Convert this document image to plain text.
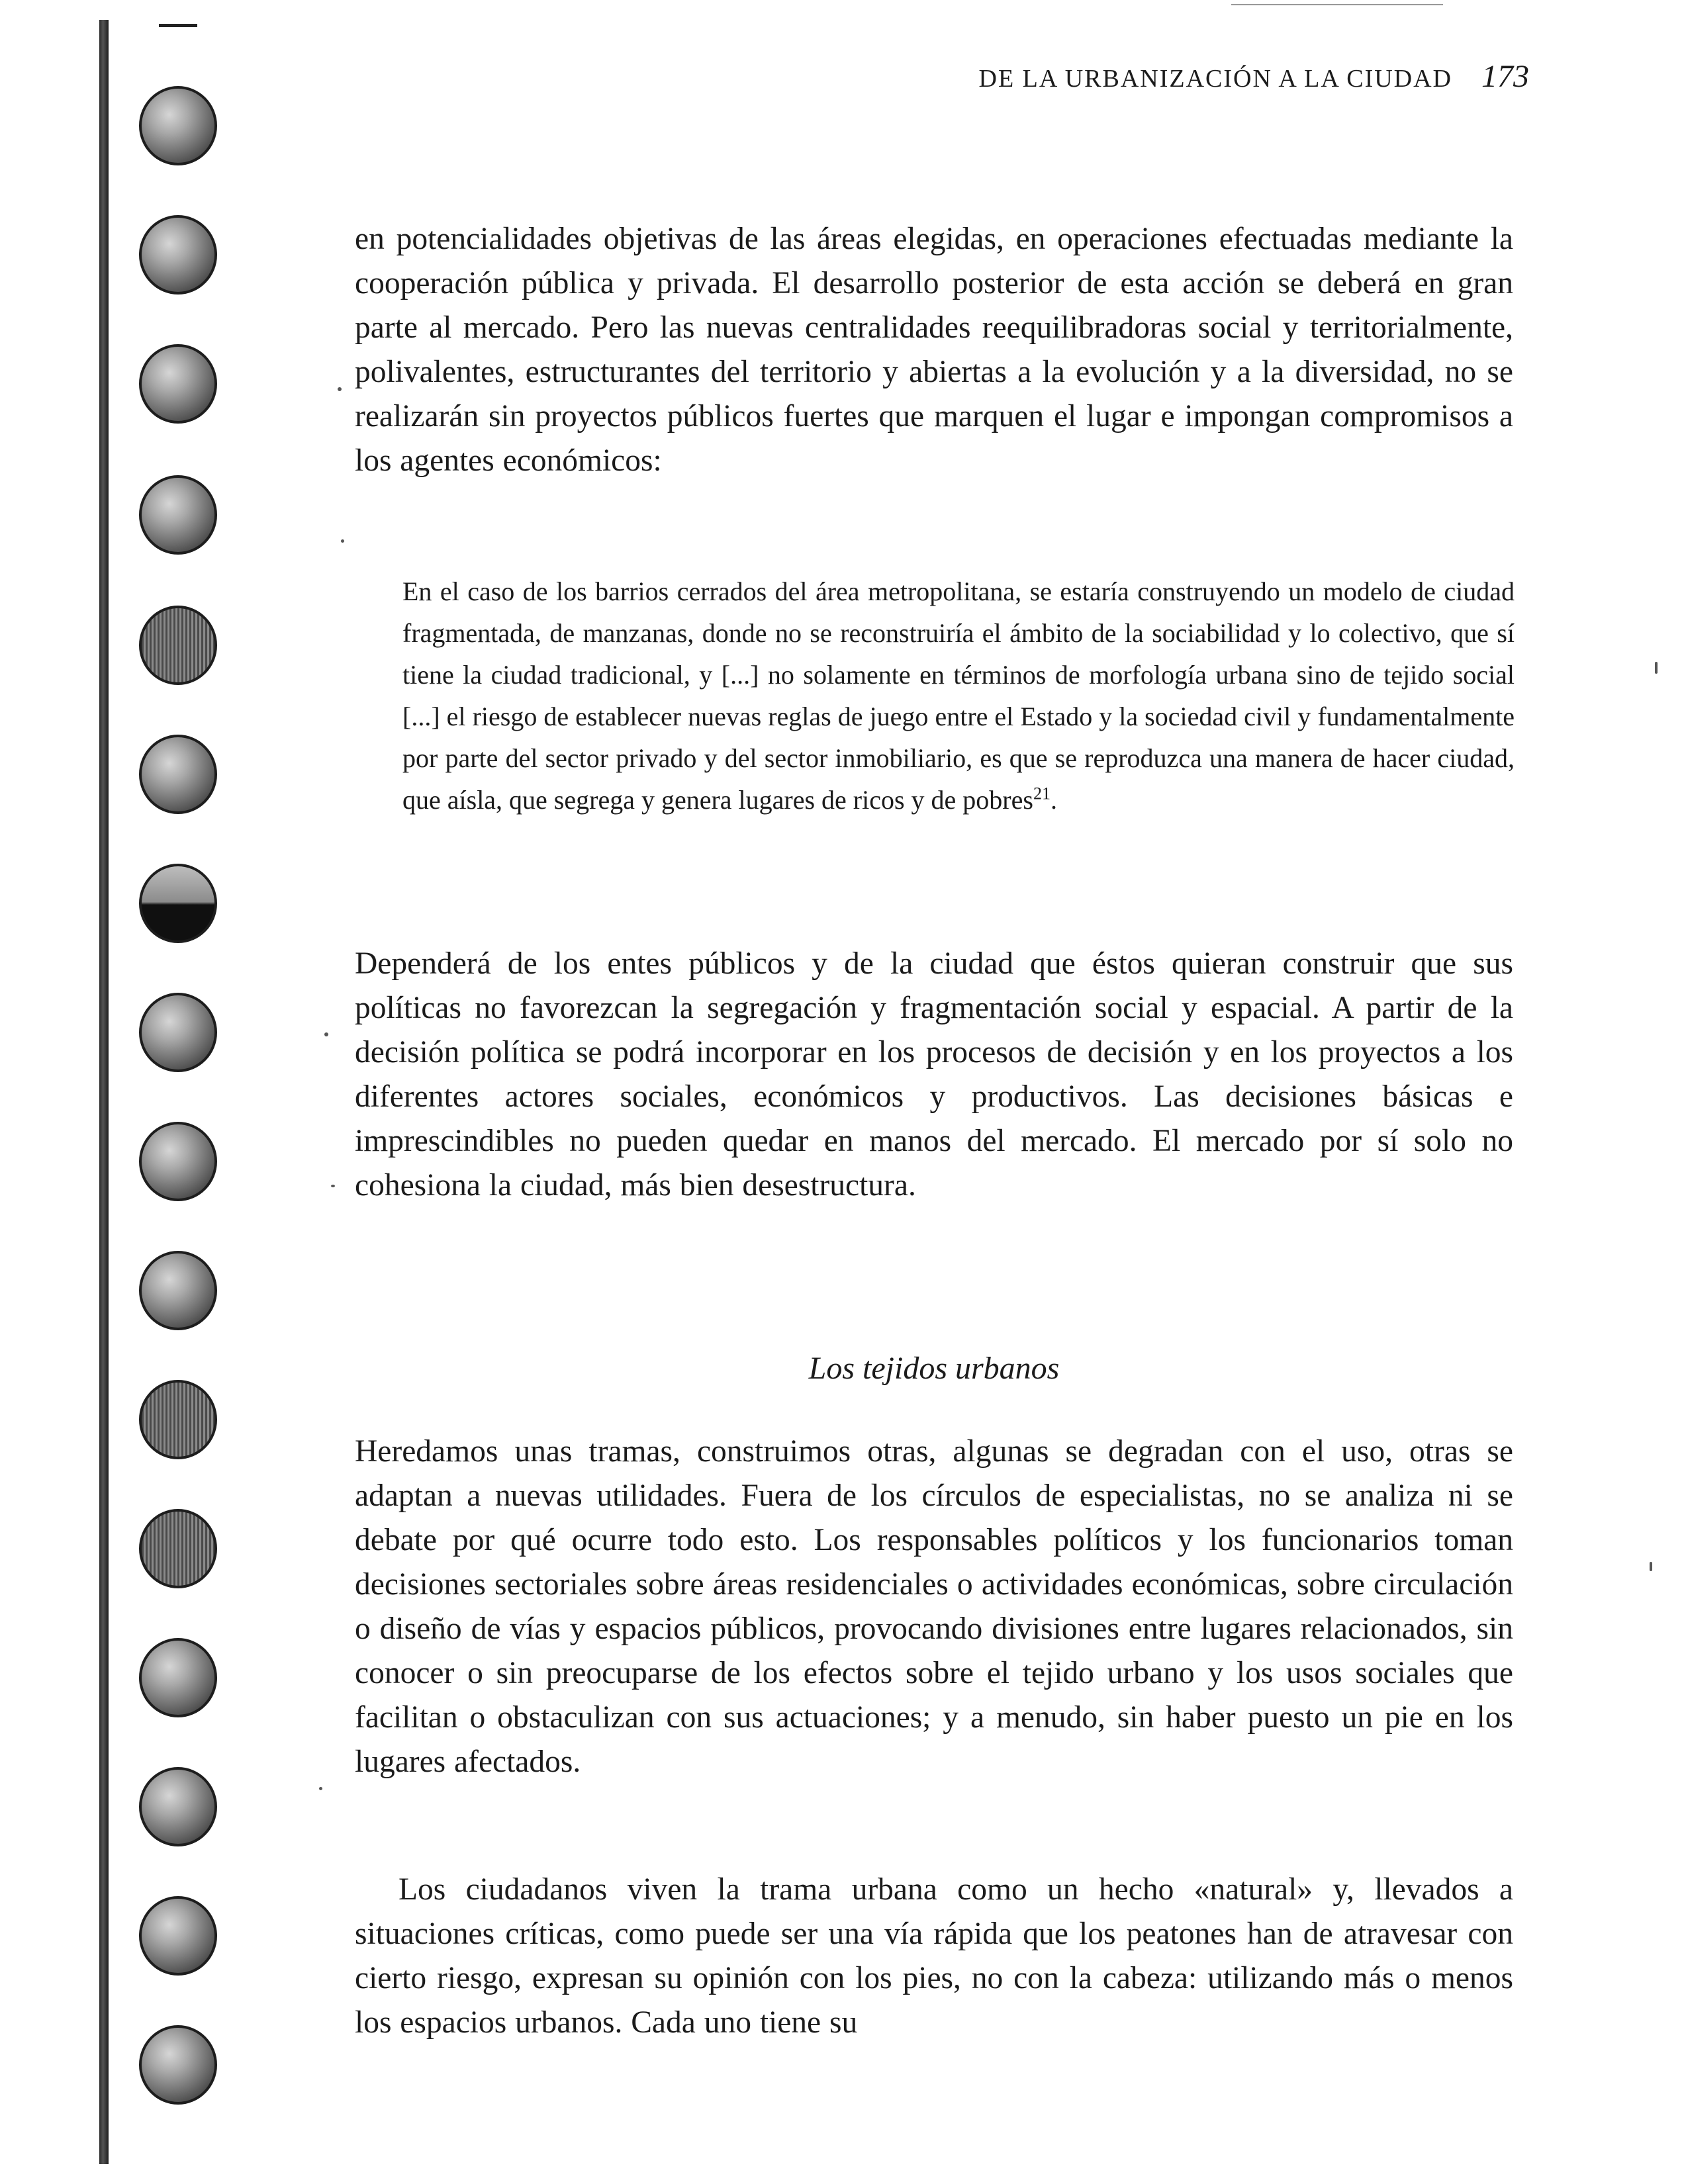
DE LA URBANIZACIÓN A LA CIUDAD 173

en potencialidades objetivas de las áreas elegidas, en operaciones efectuadas mediante la cooperación pública y privada. El desarrollo posterior de esta acción se deberá en gran parte al mercado. Pero las nuevas centralidades reequilibradoras social y territorialmente, polivalentes, estructurantes del territorio y abiertas a la evolución y a la diversidad, no se realizarán sin proyectos públicos fuertes que marquen el lugar e impongan compromisos a los agentes económicos:

En el caso de los barrios cerrados del área metropolitana, se estaría construyendo un modelo de ciudad fragmentada, de manzanas, donde no se reconstruiría el ámbito de la sociabilidad y lo colectivo, que sí tiene la ciudad tradicional, y [...] no solamente en términos de morfología urbana sino de tejido social [...] el riesgo de establecer nuevas reglas de juego entre el Estado y la sociedad civil y fundamentalmente por parte del sector privado y del sector inmobiliario, es que se reproduzca una manera de hacer ciudad, que aísla, que segrega y genera lugares de ricos y de pobres$^{21}$.

Dependerá de los entes públicos y de la ciudad que éstos quieran construir que sus políticas no favorezcan la segregación y fragmentación social y espacial. A partir de la decisión política se podrá incorporar en los procesos de decisión y en los proyectos a los diferentes actores sociales, económicos y productivos. Las decisiones básicas e imprescindibles no pueden quedar en manos del mercado. El mercado por sí solo no cohesiona la ciudad, más bien desestructura.

Los tejidos urbanos

Heredamos unas tramas, construimos otras, algunas se degradan con el uso, otras se adaptan a nuevas utilidades. Fuera de los círculos de especialistas, no se analiza ni se debate por qué ocurre todo esto. Los responsables políticos y los funcionarios toman decisiones sectoriales sobre áreas residenciales o actividades económicas, sobre circulación o diseño de vías y espacios públicos, provocando divisiones entre lugares relacionados, sin conocer o sin preocuparse de los efectos sobre el tejido urbano y los usos sociales que facilitan o obstaculizan con sus actuaciones; y a menudo, sin haber puesto un pie en los lugares afectados.

Los ciudadanos viven la trama urbana como un hecho «natural» y, llevados a situaciones críticas, como puede ser una vía rápida que los peatones han de atravesar con cierto riesgo, expresan su opinión con los pies, no con la cabeza: utilizando más o menos los espacios urbanos. Cada uno tiene su
